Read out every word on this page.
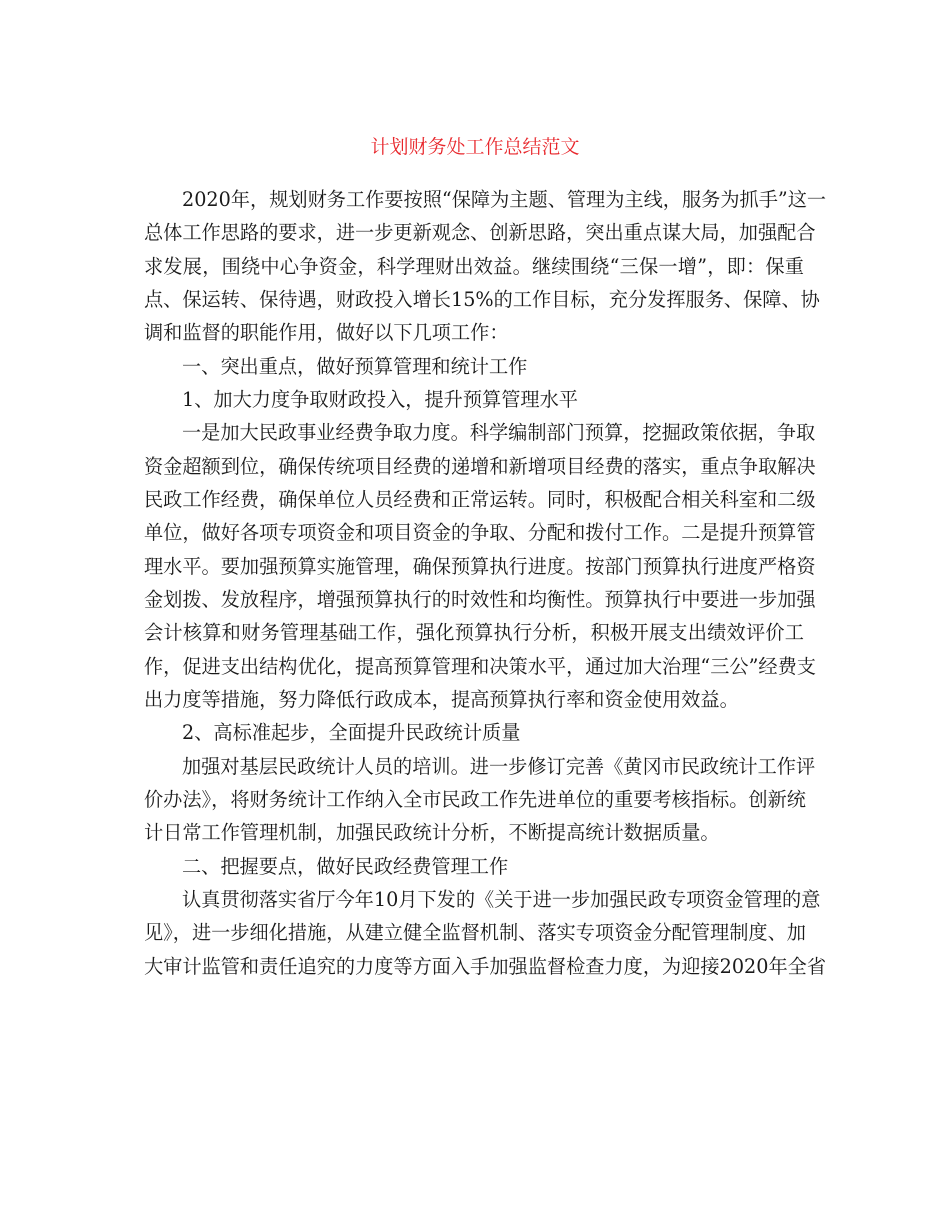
计划财务处工作总结范文
2020年，规划财务工作要按照“保障为主题、管理为主线，服务为抓手”这一
总体工作思路的要求，进一步更新观念、创新思路，突出重点谋大局，加强配合
求发展，围绕中心争资金，科学理财出效益。继续围绕“三保一增”，即：保重
点、保运转、保待遇，财政投入增长15%的工作目标，充分发挥服务、保障、协
调和监督的职能作用，做好以下几项工作：
一、突出重点，做好预算管理和统计工作
1、加大力度争取财政投入，提升预算管理水平
一是加大民政事业经费争取力度。科学编制部门预算，挖掘政策依据，争取
资金超额到位，确保传统项目经费的递增和新增项目经费的落实，重点争取解决
民政工作经费，确保单位人员经费和正常运转。同时，积极配合相关科室和二级
单位，做好各项专项资金和项目资金的争取、分配和拨付工作。二是提升预算管
理水平。要加强预算实施管理，确保预算执行进度。按部门预算执行进度严格资
金划拨、发放程序，增强预算执行的时效性和均衡性。预算执行中要进一步加强
会计核算和财务管理基础工作，强化预算执行分析，积极开展支出绩效评价工
作，促进支出结构优化，提高预算管理和决策水平，通过加大治理“三公”经费支
出力度等措施，努力降低行政成本，提高预算执行率和资金使用效益。
2、高标准起步，全面提升民政统计质量
加强对基层民政统计人员的培训。进一步修订完善《黄冈市民政统计工作评
价办法》，将财务统计工作纳入全市民政工作先进单位的重要考核指标。创新统
计日常工作管理机制，加强民政统计分析，不断提高统计数据质量。
二、把握要点，做好民政经费管理工作
认真贯彻落实省厅今年10月下发的《关于进一步加强民政专项资金管理的意
见》，进一步细化措施，从建立健全监督机制、落实专项资金分配管理制度、加
大审计监管和责任追究的力度等方面入手加强监督检查力度，为迎接2020年全省
